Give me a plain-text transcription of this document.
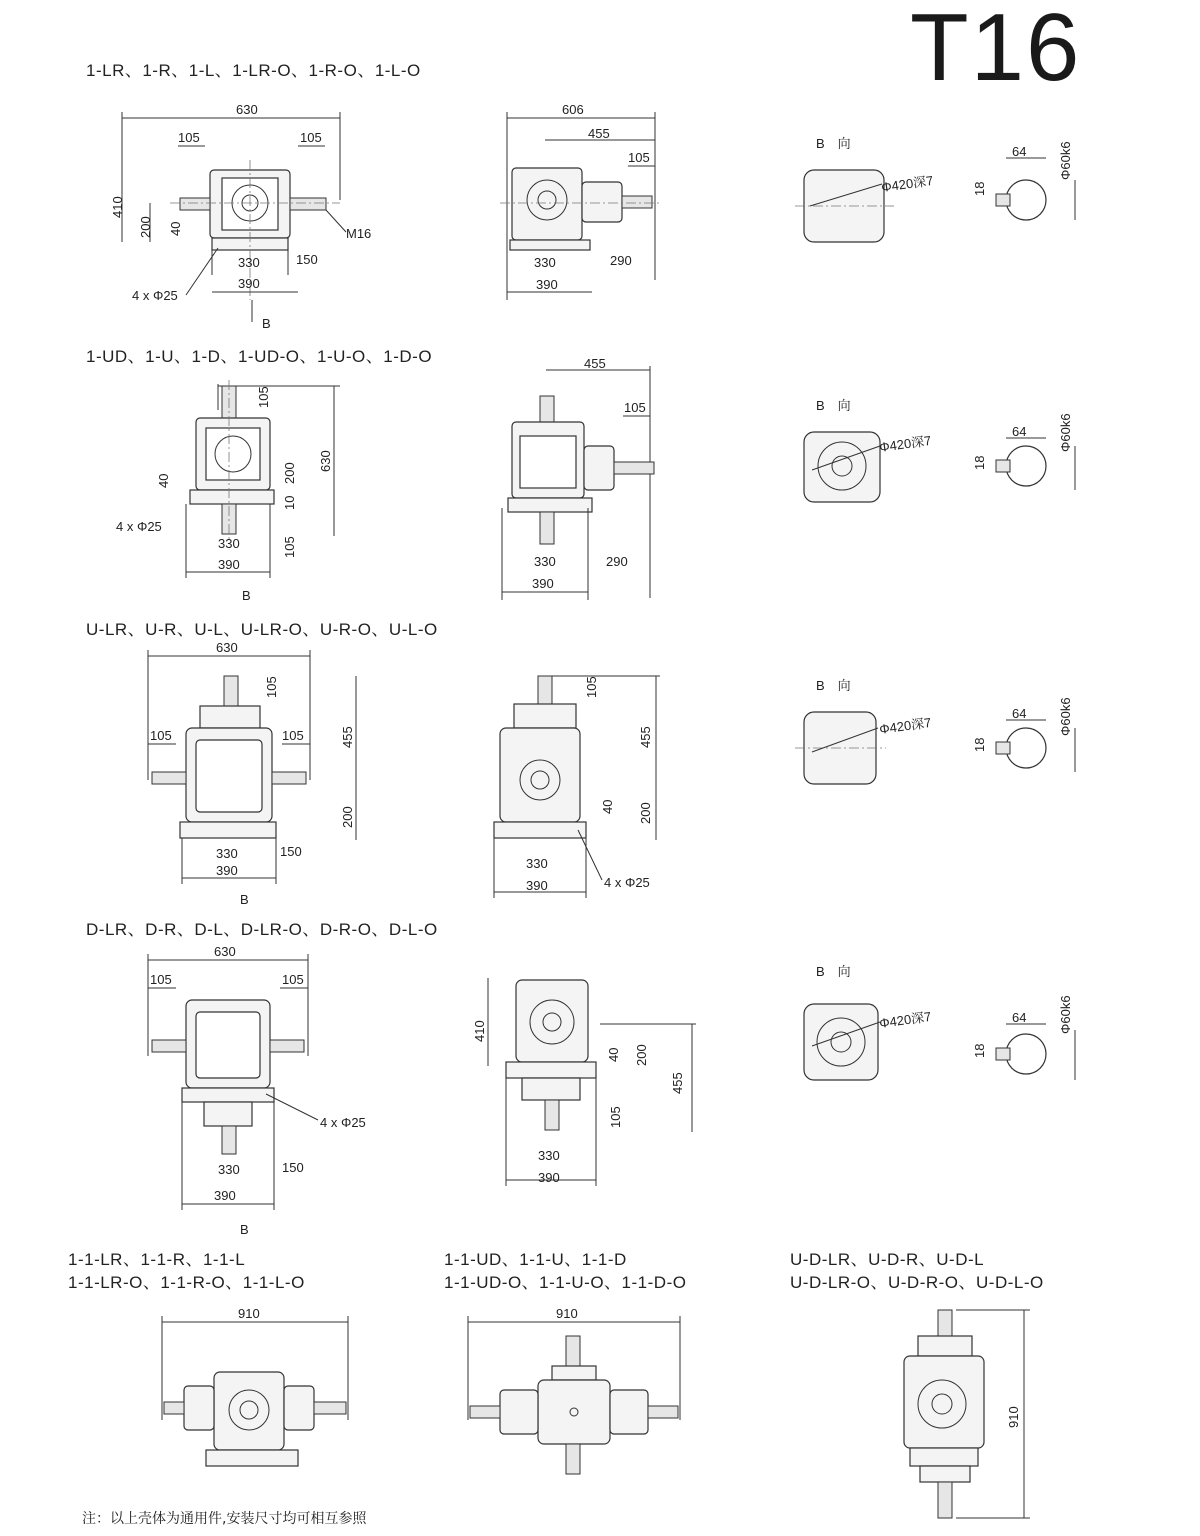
T16
1-LR、1-R、1-L、1-LR-O、1-R-O、1-L-O
1-UD、1-U、1-D、1-UD-O、1-U-O、1-D-O
U-LR、U-R、U-L、U-LR-O、U-R-O、U-L-O
D-LR、D-R、D-L、D-LR-O、D-R-O、D-L-O
1-1-LR、1-1-R、1-1-L
1-1-LR-O、1-1-R-O、1-1-L-O
1-1-UD、1-1-U、1-1-D
1-1-UD-O、1-1-U-O、1-1-D-O
U-D-LR、U-D-R、U-D-L
U-D-LR-O、U-D-R-O、U-D-L-O
注：以上壳体为通用件,安装尺寸均可相互参照
630
105	105
410
200 40
330	150
390
M16
4 x Φ25
B
606
455
105
330	290
390
B　向
Φ420深7
64
18
Φ60k6
105
630
40	200
10
105
4 x Φ25
330
390
B
455
105
330	290
390
B　向
Φ420深7
64
18
Φ60k6
630
105	105
105
455
200
330	150
390
B
105
455
40 200
330
390	4 x Φ25
B　向
Φ420深7
64
18
Φ60k6
630
105	105
4 x Φ25
330	150
390
B
410
40 200
455
105
330
390
B　向
Φ420深7	64
18
Φ60k6
910	910
910
